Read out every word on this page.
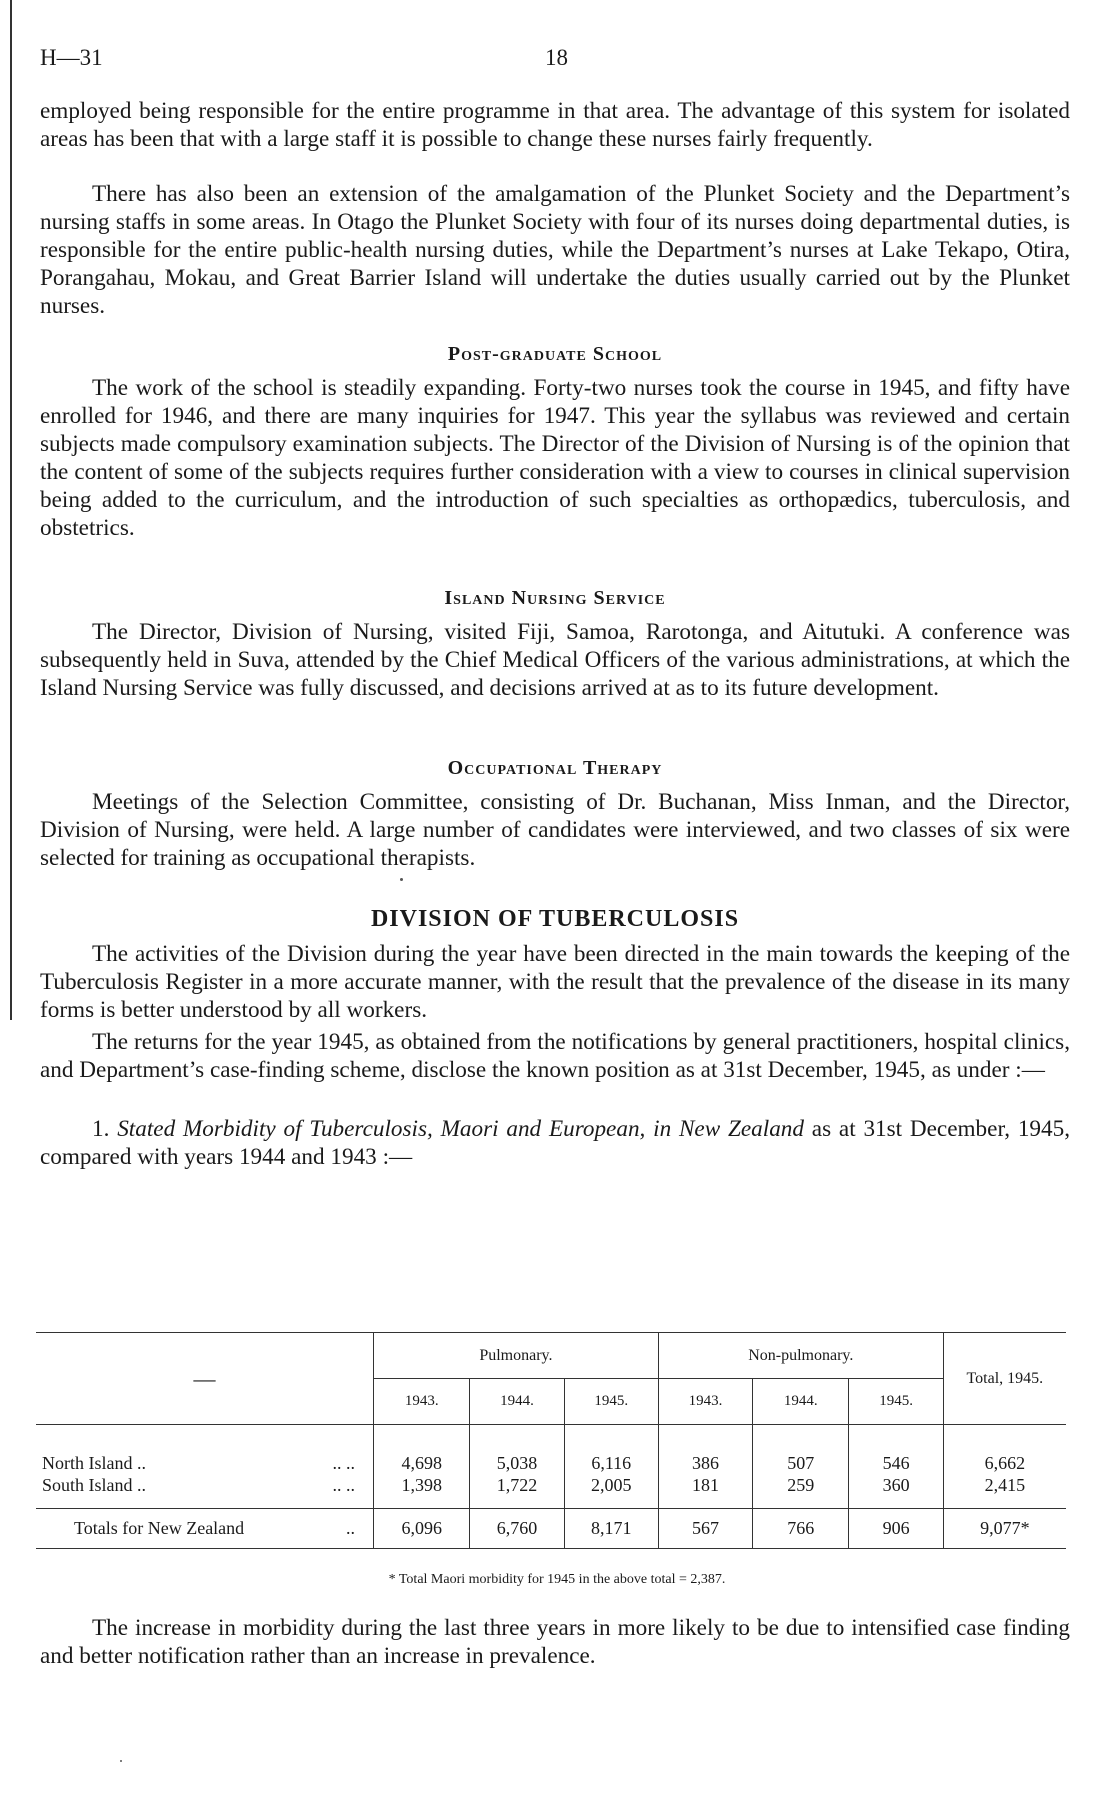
H—31	18

employed being responsible for the entire programme in that area. The advantage of this system for isolated areas has been that with a large staff it is possible to change these nurses fairly frequently.

There has also been an extension of the amalgamation of the Plunket Society and the Department’s nursing staffs in some areas. In Otago the Plunket Society with four of its nurses doing departmental duties, is responsible for the entire public-health nursing duties, while the Department’s nurses at Lake Tekapo, Otira, Porangahau, Mokau, and Great Barrier Island will undertake the duties usually carried out by the Plunket nurses.

Post-graduate School

The work of the school is steadily expanding. Forty-two nurses took the course in 1945, and fifty have enrolled for 1946, and there are many inquiries for 1947. This year the syllabus was reviewed and certain subjects made compulsory examination subjects. The Director of the Division of Nursing is of the opinion that the content of some of the subjects requires further consideration with a view to courses in clinical supervision being added to the curriculum, and the introduction of such specialties as orthopædics, tuberculosis, and obstetrics.

Island Nursing Service

The Director, Division of Nursing, visited Fiji, Samoa, Rarotonga, and Aitutuki. A conference was subsequently held in Suva, attended by the Chief Medical Officers of the various administrations, at which the Island Nursing Service was fully discussed, and decisions arrived at as to its future development.

Occupational Therapy

Meetings of the Selection Committee, consisting of Dr. Buchanan, Miss Inman, and the Director, Division of Nursing, were held. A large number of candidates were interviewed, and two classes of six were selected for training as occupational therapists.

DIVISION OF TUBERCULOSIS

The activities of the Division during the year have been directed in the main towards the keeping of the Tuberculosis Register in a more accurate manner, with the result that the prevalence of the disease in its many forms is better understood by all workers.

The returns for the year 1945, as obtained from the notifications by general practitioners, hospital clinics, and Department’s case-finding scheme, disclose the known position as at 31st December, 1945, as under :—

1. Stated Morbidity of Tuberculosis, Maori and European, in New Zealand as at 31st December, 1945, compared with years 1944 and 1943 :—

—	Pulmonary.			Non-pulmonary.			Total, 1945.
	1943.	1944.	1945.	1943.	1944.	1945.	

North Island .. .. ..	4,698	5,038	6,116	386	507	546	6,662
South Island .. .. ..	1,398	1,722	2,005	181	259	360	2,415

Totals for New Zealand ..	6,096	6,760	8,171	567	766	906	9,077*
* Total Maori morbidity for 1945 in the above total = 2,387.

The increase in morbidity during the last three years in more likely to be due to intensified case finding and better notification rather than an increase in prevalence.
